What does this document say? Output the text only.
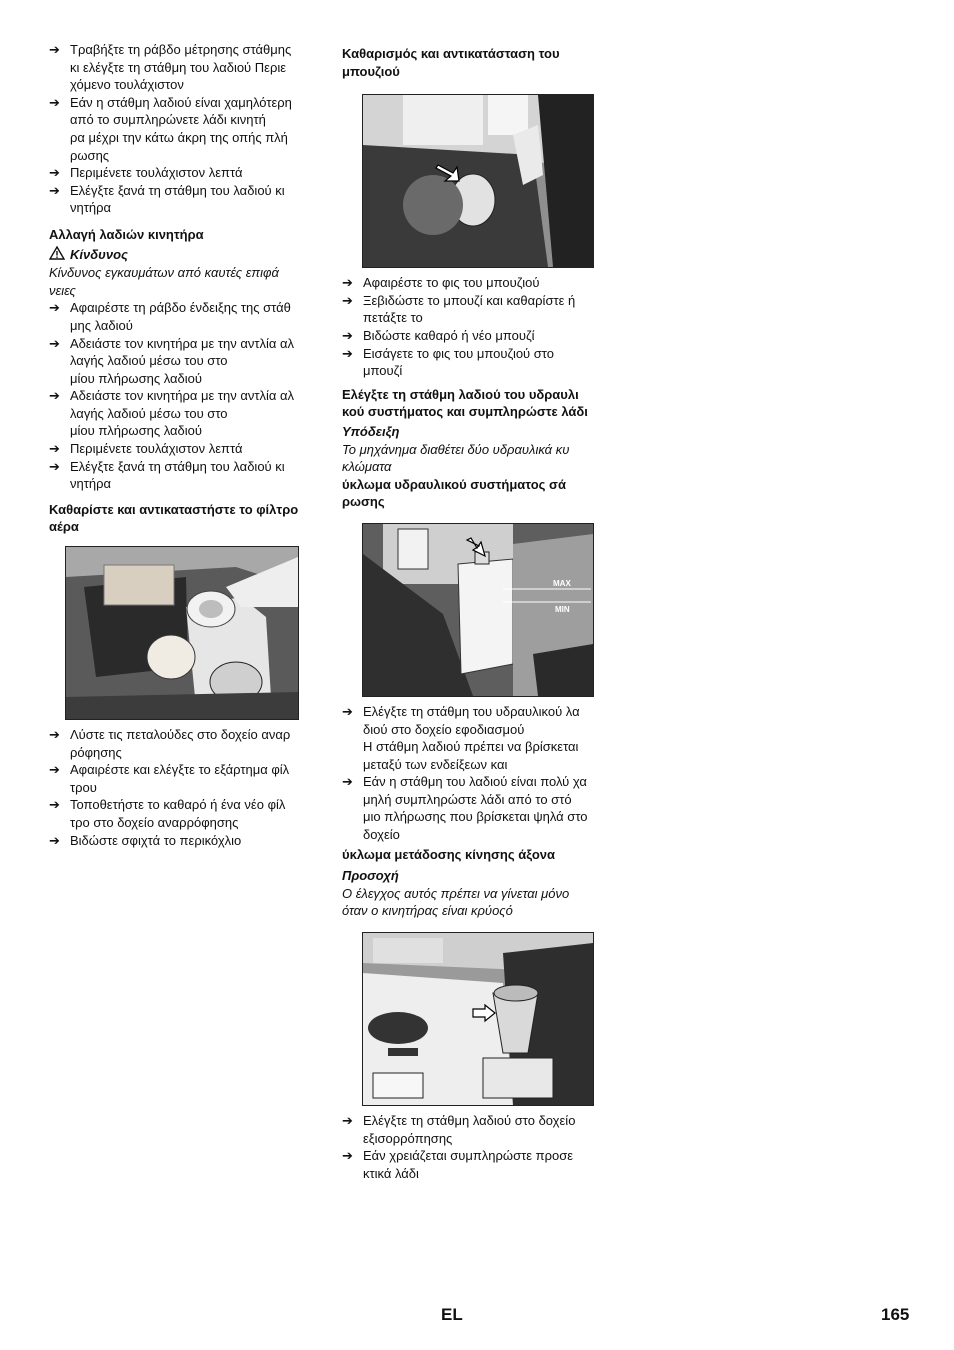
➔ Τραβήξτε τη ράβδο μέτρησης στάθμης
κι ελέγξτε τη στάθμη του λαδιού Περιε
χόμενο τουλάχιστον
➔ Εάν η στάθμη λαδιού είναι χαμηλότερη
από το συμπληρώνετε λάδι κινητή
ρα μέχρι την κάτω άκρη της οπής πλή
ρωσης
➔ Περιμένετε τουλάχιστον λεπτά
➔ Ελέγξτε ξανά τη στάθμη του λαδιού κι
νητήρα
Αλλαγή λαδιών κινητήρα
Κίνδυνος
Κίνδυνος εγκαυμάτων από καυτές επιφά
νειες
➔ Αφαιρέστε τη ράβδο ένδειξης της στάθ
μης λαδιού
➔ Αδειάστε τον κινητήρα με την αντλία αλ
λαγής λαδιού μέσω του στο
μίου πλήρωσης λαδιού
➔ Αδειάστε τον κινητήρα με την αντλία αλ
λαγής λαδιού μέσω του στο
μίου πλήρωσης λαδιού
➔ Περιμένετε τουλάχιστον λεπτά
➔ Ελέγξτε ξανά τη στάθμη του λαδιού κι
νητήρα
Καθαρίστε και αντικαταστήστε το φίλτρο
αέρα
➔ Λύστε τις πεταλούδες στο δοχείο αναρ
ρόφησης
➔ Αφαιρέστε και ελέγξτε το εξάρτημα φίλ
τρου
➔ Τοποθετήστε το καθαρό ή ένα νέο φίλ
τρο στο δοχείο αναρρόφησης
➔ Βιδώστε σφιχτά το περικόχλιο
Καθαρισμός και αντικατάσταση του
μπουζιού
➔ Αφαιρέστε το φις του μπουζιού
➔ Ξεβιδώστε το μπουζί και καθαρίστε ή
πετάξτε το
➔ Βιδώστε καθαρό ή νέο μπουζί
➔ Εισάγετε το φις του μπουζιού στο
μπουζί
Ελέγξτε τη στάθμη λαδιού του υδραυλι
κού συστήματος και συμπληρώστε λάδι
Υπόδειξη
Το μηχάνημα διαθέτει δύο υδραυλικά κυ
κλώματα
ύκλωμα υδραυλικού συστήματος σά
ρωσης
MAX
MIN
➔ Ελέγξτε τη στάθμη του υδραυλικού λα
διού στο δοχείο εφοδιασμού
Η στάθμη λαδιού πρέπει να βρίσκεται
μεταξύ των ενδείξεων και
➔ Εάν η στάθμη του λαδιού είναι πολύ χα
μηλή συμπληρώστε λάδι από το στό
μιο πλήρωσης που βρίσκεται ψηλά στο
δοχείο
ύκλωμα μετάδοσης κίνησης άξονα
Προσοχή
Ο έλεγχος αυτός πρέπει να γίνεται μόνο
όταν ο κινητήρας είναι κρύοςό
➔ Ελέγξτε τη στάθμη λαδιού στο δοχείο
εξισορρόπησης
➔ Εάν χρειάζεται συμπληρώστε προσε
κτικά λάδι
EL	165
